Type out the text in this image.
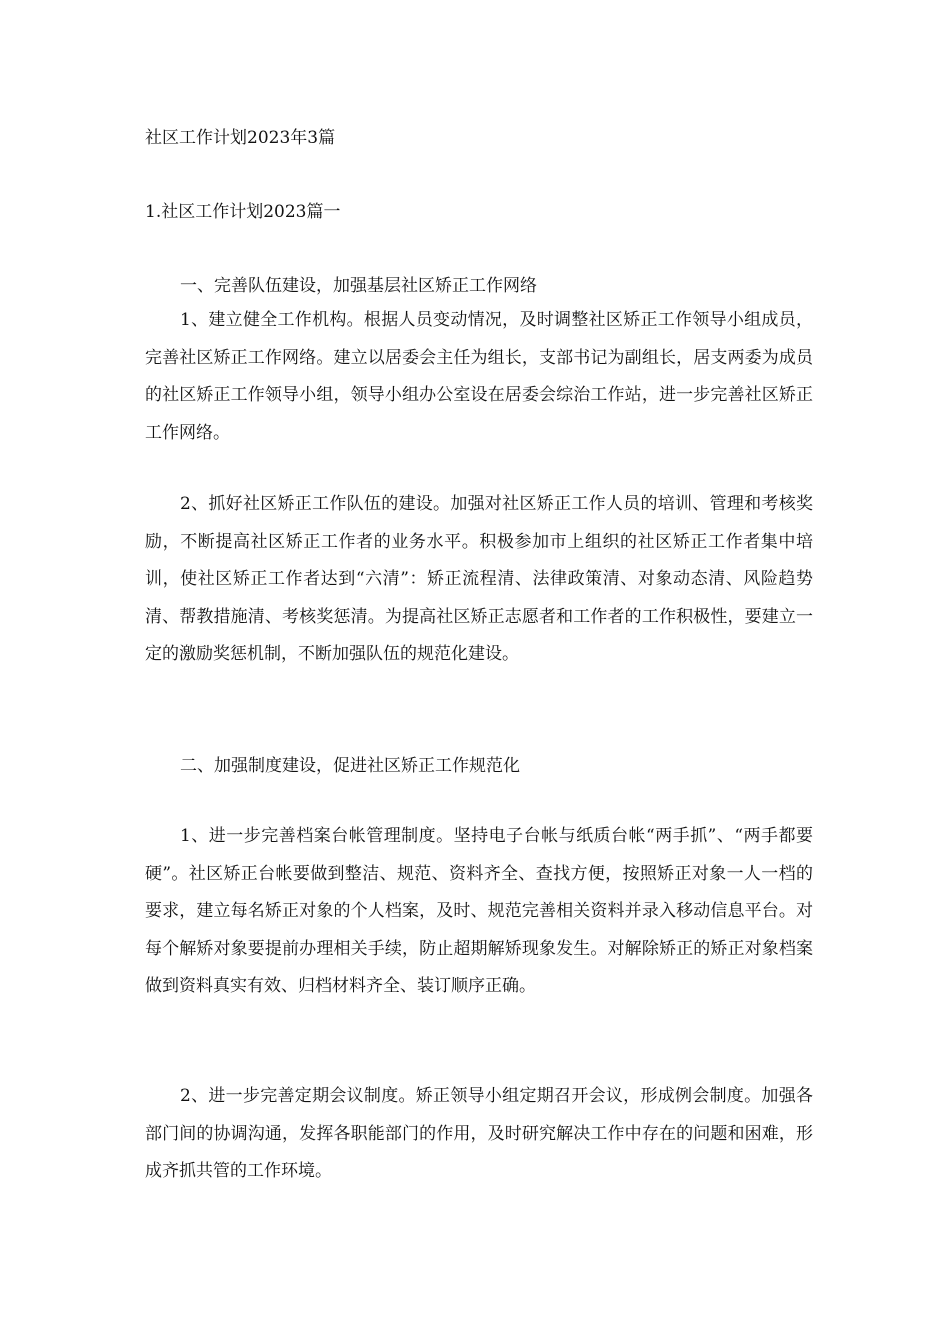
社区工作计划2023年3篇
1.社区工作计划2023篇一
一、完善队伍建设，加强基层社区矫正工作网络

1、建立健全工作机构。根据人员变动情况，及时调整社区矫正工作领导小组成员，完善社区矫正工作网络。建立以居委会主任为组长，支部书记为副组长，居支两委为成员的社区矫正工作领导小组，领导小组办公室设在居委会综治工作站，进一步完善社区矫正工作网络。

2、抓好社区矫正工作队伍的建设。加强对社区矫正工作人员的培训、管理和考核奖励，不断提高社区矫正工作者的业务水平。积极参加市上组织的社区矫正工作者集中培训，使社区矫正工作者达到“六清”：矫正流程清、法律政策清、对象动态清、风险趋势清、帮教措施清、考核奖惩清。为提高社区矫正志愿者和工作者的工作积极性，要建立一定的激励奖惩机制，不断加强队伍的规范化建设。

二、加强制度建设，促进社区矫正工作规范化

1、进一步完善档案台帐管理制度。坚持电子台帐与纸质台帐“两手抓”、“两手都要硬”。社区矫正台帐要做到整洁、规范、资料齐全、查找方便，按照矫正对象一人一档的要求，建立每名矫正对象的个人档案，及时、规范完善相关资料并录入移动信息平台。对每个解矫对象要提前办理相关手续，防止超期解矫现象发生。对解除矫正的矫正对象档案做到资料真实有效、归档材料齐全、装订顺序正确。

2、进一步完善定期会议制度。矫正领导小组定期召开会议，形成例会制度。加强各部门间的协调沟通，发挥各职能部门的作用，及时研究解决工作中存在的问题和困难，形成齐抓共管的工作环境。
